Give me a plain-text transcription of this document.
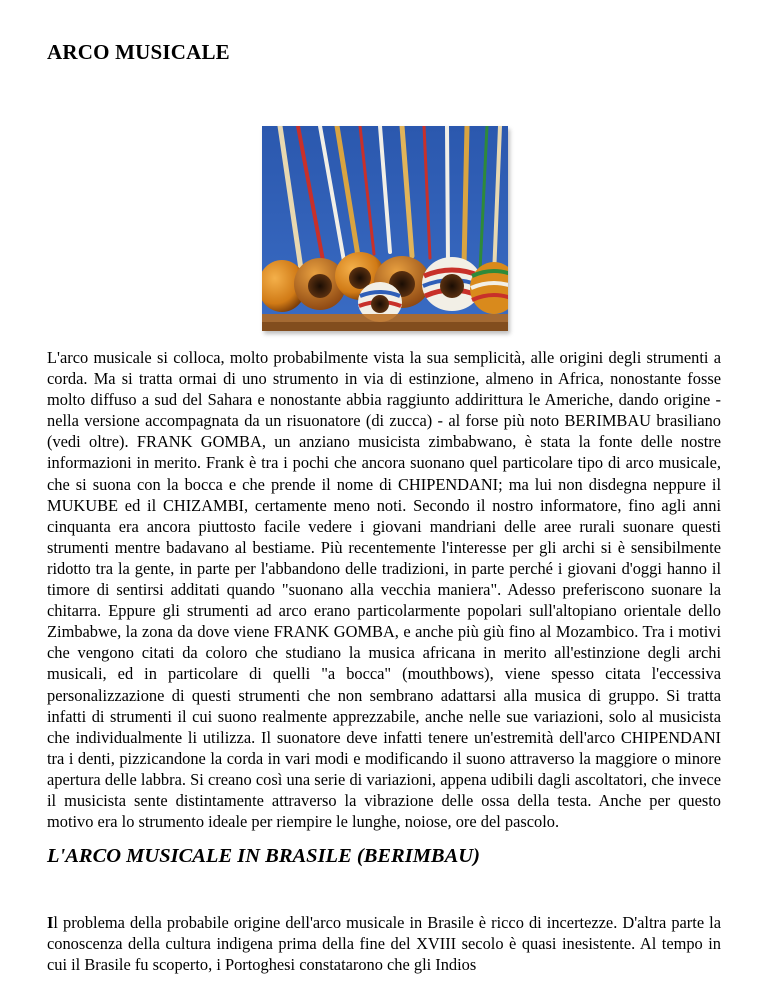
ARCO MUSICALE

L'arco musicale si colloca, molto probabilmente vista la sua semplicità, alle origini degli strumenti a corda. Ma si tratta ormai di uno strumento in via di estinzione, almeno in Africa, nonostante fosse molto diffuso a sud del Sahara e nonostante abbia raggiunto addirittura le Americhe, dando origine - nella versione accompagnata da un risuonatore (di zucca) - al forse più noto BERIMBAU brasiliano (vedi oltre). FRANK GOMBA, un anziano musicista zimbabwano, è stata la fonte delle nostre informazioni in merito. Frank è tra i pochi che ancora suonano quel particolare tipo di arco musicale, che si suona con la bocca e che prende il nome di CHIPENDANI; ma lui non disdegna neppure il MUKUBE ed il CHIZAMBI, certamente meno noti. Secondo il nostro informatore, fino agli anni cinquanta era ancora piuttosto facile vedere i giovani mandriani delle aree rurali suonare questi strumenti mentre badavano al bestiame. Più recentemente l'interesse per gli archi si è sensibilmente ridotto tra la gente, in parte per l'abbandono delle tradizioni, in parte perché i giovani d'oggi hanno il timore di sentirsi additati quando "suonano alla vecchia maniera". Adesso preferiscono suonare la chitarra. Eppure gli strumenti ad arco erano particolarmente popolari sull'altopiano orientale dello Zimbabwe, la zona da dove viene FRANK GOMBA, e anche più giù fino al Mozambico. Tra i motivi che vengono citati da coloro che studiano la musica africana in merito all'estinzione degli archi musicali, ed in particolare di quelli "a bocca" (mouthbows), viene spesso citata l'eccessiva personalizzazione di questi strumenti che non sembrano adattarsi alla musica di gruppo. Si tratta infatti di strumenti il cui suono realmente apprezzabile, anche nelle sue variazioni, solo al musicista che individualmente li utilizza. Il suonatore deve infatti tenere un'estremità dell'arco CHIPENDANI tra i denti, pizzicandone la corda in vari modi e modificando il suono attraverso la maggiore o minore apertura delle labbra. Si creano così una serie di variazioni, appena udibili dagli ascoltatori, che invece il musicista sente distintamente attraverso la vibrazione delle ossa della testa. Anche per questo motivo era lo strumento ideale per riempire le lunghe, noiose, ore del pascolo.

L'ARCO MUSICALE IN BRASILE (BERIMBAU)

Il problema della probabile origine dell'arco musicale in Brasile è ricco di incertezze. D'altra parte la conoscenza della cultura indigena prima della fine del XVIII secolo è quasi inesistente. Al tempo in cui il Brasile fu scoperto, i Portoghesi constatarono che gli Indios
